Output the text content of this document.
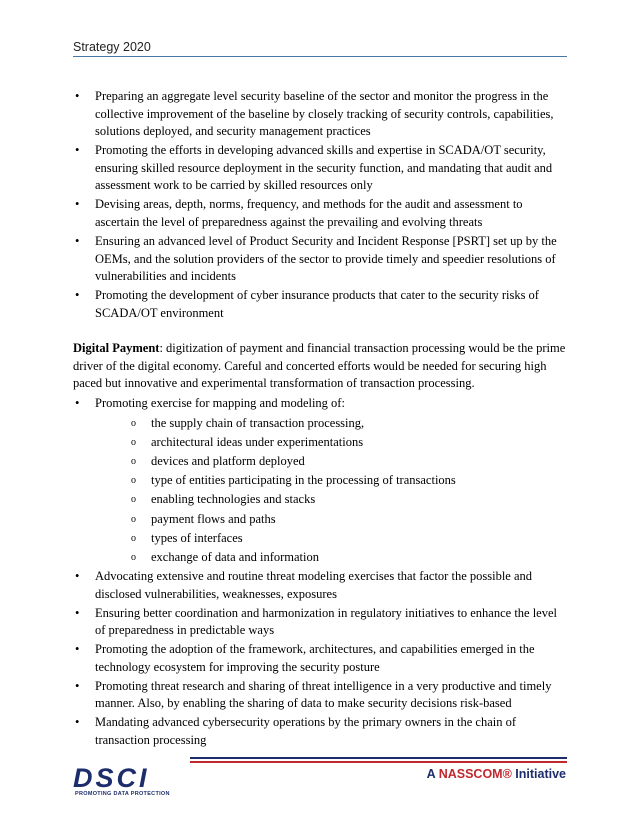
Strategy 2020
• Preparing an aggregate level security baseline of the sector and monitor the progress in the collective improvement of the baseline by closely tracking of security controls, capabilities, solutions deployed, and security management practices
• Promoting the efforts in developing advanced skills and expertise in SCADA/OT security, ensuring skilled resource deployment in the security function, and mandating that audit and assessment work to be carried by skilled resources only
• Devising areas, depth, norms, frequency, and methods for the audit and assessment to ascertain the level of preparedness against the prevailing and evolving threats
• Ensuring an advanced level of Product Security and Incident Response [PSRT] set up by the OEMs, and the solution providers of the sector to provide timely and speedier resolutions of vulnerabilities and incidents
• Promoting the development of cyber insurance products that cater to the security risks of SCADA/OT environment

Digital Payment: digitization of payment and financial transaction processing would be the prime driver of the digital economy. Careful and concerted efforts would be needed for securing high paced but innovative and experimental transformation of transaction processing.

• Promoting exercise for mapping and modeling of:
o the supply chain of transaction processing,
o architectural ideas under experimentations
o devices and platform deployed
o type of entities participating in the processing of transactions
o enabling technologies and stacks
o payment flows and paths
o types of interfaces
o exchange of data and information
• Advocating extensive and routine threat modeling exercises that factor the possible and disclosed vulnerabilities, weaknesses, exposures
• Ensuring better coordination and harmonization in regulatory initiatives to enhance the level of preparedness in predictable ways
• Promoting the adoption of the framework, architectures, and capabilities emerged in the technology ecosystem for improving the security posture
• Promoting threat research and sharing of threat intelligence in a very productive and timely manner. Also, by enabling the sharing of data to make security decisions risk-based
• Mandating advanced cybersecurity operations by the primary owners in the chain of transaction processing
DSCI
PROMOTING DATA PROTECTION
A NASSCOM® Initiative
